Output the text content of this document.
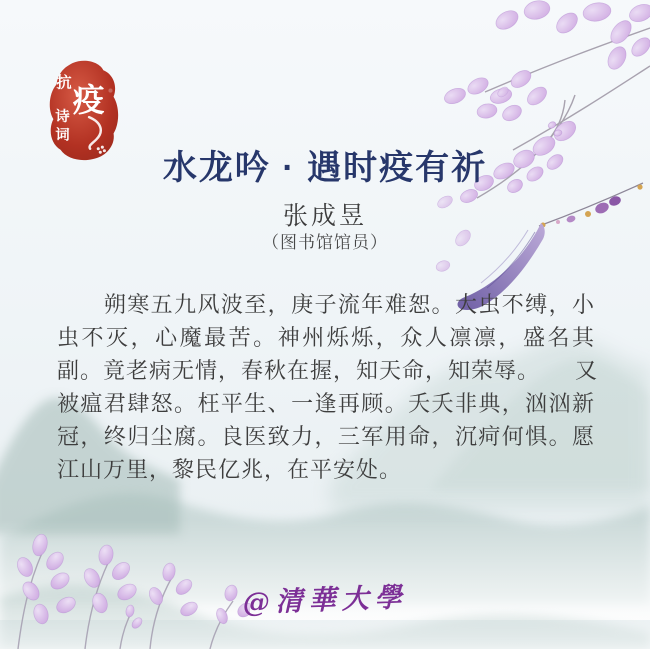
抗 疫
诗
词
水龙吟 · 遇时疫有祈
张成昱
（图书馆馆员）
　　朔寒五九风波至，庚子流年难恕。大虫不缚，小
虫不灭，心魔最苦。神州烁烁，众人凛凛，盛名其
副。竟老病无情，春秋在握，知天命，知荣辱。　　又
被瘟君肆怒。枉平生、一逢再顾。夭夭非典，汹汹新
冠，终归尘腐。良医致力，三军用命，沉疴何惧。愿
江山万里，黎民亿兆，在平安处。
@清華大學
